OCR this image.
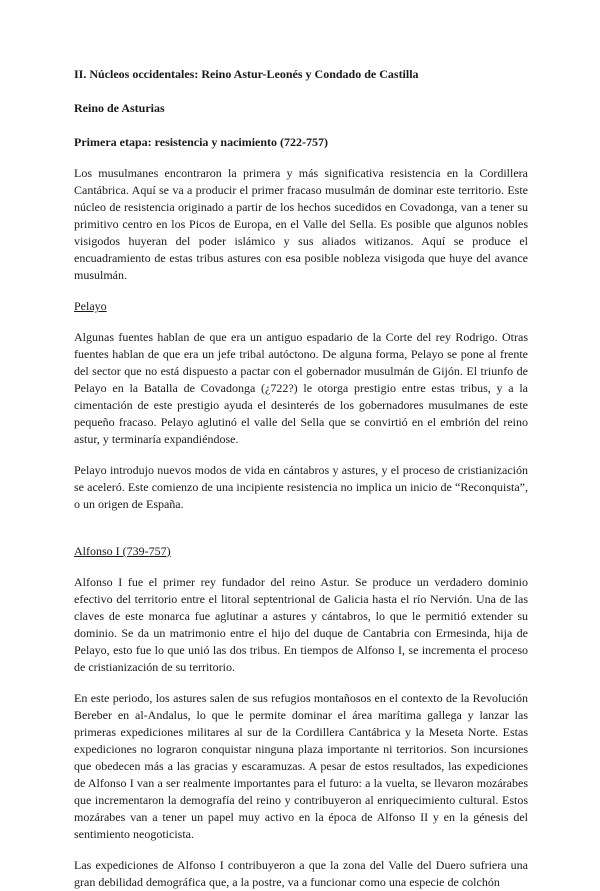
II. Núcleos occidentales: Reino Astur-Leonés y Condado de Castilla

Reino de Asturias

Primera etapa: resistencia y nacimiento (722-757)

Los musulmanes encontraron la primera y más significativa resistencia en la Cordillera Cantábrica. Aquí se va a producir el primer fracaso musulmán de dominar este territorio. Este núcleo de resistencia originado a partir de los hechos sucedidos en Covadonga, van a tener su primitivo centro en los Picos de Europa, en el Valle del Sella. Es posible que algunos nobles visigodos huyeran del poder islámico y sus aliados witizanos. Aquí se produce el encuadramiento de estas tribus astures con esa posible nobleza visigoda que huye del avance musulmán.

Pelayo

Algunas fuentes hablan de que era un antiguo espadario de la Corte del rey Rodrigo. Otras fuentes hablan de que era un jefe tribal autóctono. De alguna forma, Pelayo se pone al frente del sector que no está dispuesto a pactar con el gobernador musulmán de Gijón. El triunfo de Pelayo en la Batalla de Covadonga (¿722?) le otorga prestigio entre estas tribus, y a la cimentación de este prestigio ayuda el desinterés de los gobernadores musulmanes de este pequeño fracaso. Pelayo aglutinó el valle del Sella que se convirtió en el embrión del reino astur, y terminaría expandiéndose.

Pelayo introdujo nuevos modos de vida en cántabros y astures, y el proceso de cristianización se aceleró. Este comienzo de una incipiente resistencia no implica un inicio de “Reconquista”, o un origen de España.

Alfonso I (739-757)

Alfonso I fue el primer rey fundador del reino Astur. Se produce un verdadero dominio efectivo del territorio entre el litoral septentrional de Galicia hasta el río Nervión. Una de las claves de este monarca fue aglutinar a astures y cántabros, lo que le permitió extender su dominio. Se da un matrimonio entre el hijo del duque de Cantabria con Ermesinda, hija de Pelayo, esto fue lo que unió las dos tribus. En tiempos de Alfonso I, se incrementa el proceso de cristianización de su territorio.

En este periodo, los astures salen de sus refugios montañosos en el contexto de la Revolución Bereber en al-Andalus, lo que le permite dominar el área marítima gallega y lanzar las primeras expediciones militares al sur de la Cordillera Cantábrica y la Meseta Norte. Estas expediciones no lograron conquistar ninguna plaza importante ni territorios. Son incursiones que obedecen más a las gracias y escaramuzas. A pesar de estos resultados, las expediciones de Alfonso I van a ser realmente importantes para el futuro: a la vuelta, se llevaron mozárabes que incrementaron la demografía del reino y contribuyeron al enriquecimiento cultural. Estos mozárabes van a tener un papel muy activo en la época de Alfonso II y en la génesis del sentimiento neogoticista.

Las expediciones de Alfonso I contribuyeron a que la zona del Valle del Duero sufriera una gran debilidad demográfica que, a la postre, va a funcionar como una especie de colchón
